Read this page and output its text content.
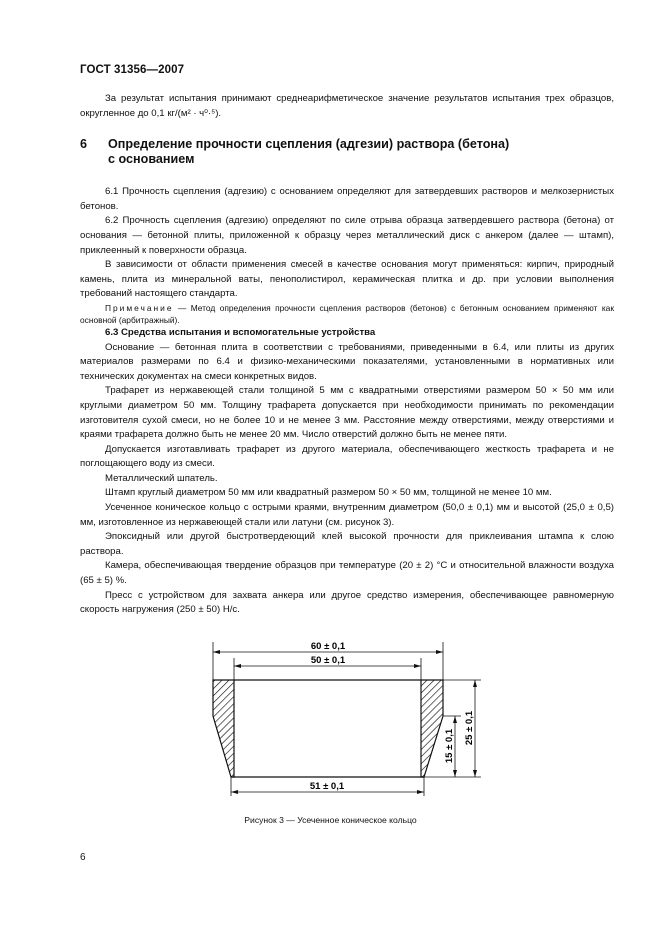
ГОСТ 31356—2007

За результат испытания принимают среднеарифметическое значение результатов испытания трех образцов, округленное до 0,1 кг/(м² · ч⁰·⁵).

6 Определение прочности сцепления (адгезии) раствора (бетона)
с основанием

6.1 Прочность сцепления (адгезию) с основанием определяют для затвердевших растворов и мелкозернистых бетонов.

6.2 Прочность сцепления (адгезию) определяют по силе отрыва образца затвердевшего раствора (бетона) от основания — бетонной плиты, приложенной к образцу через металлический диск с анкером (далее — штамп), приклеенный к поверхности образца.

В зависимости от области применения смесей в качестве основания могут применяться: кирпич, природный камень, плита из минеральной ваты, пенополистирол, керамическая плитка и др. при условии выполнения требований настоящего стандарта.

Примечание — Метод определения прочности сцепления растворов (бетонов) с бетонным основанием применяют как основной (арбитражный).

6.3 Средства испытания и вспомогательные устройства

Основание — бетонная плита в соответствии с требованиями, приведенными в 6.4, или плиты из других материалов размерами по 6.4 и физико-механическими показателями, установленными в нормативных или технических документах на смеси конкретных видов.

Трафарет из нержавеющей стали толщиной 5 мм с квадратными отверстиями размером 50 × 50 мм или круглыми диаметром 50 мм. Толщину трафарета допускается при необходимости принимать по рекомендации изготовителя сухой смеси, но не более 10 и не менее 3 мм. Расстояние между отверстиями, между отверстиями и краями трафарета должно быть не менее 20 мм. Число отверстий должно быть не менее пяти.

Допускается изготавливать трафарет из другого материала, обеспечивающего жесткость трафарета и не поглощающего воду из смеси.

Металлический шпатель.

Штамп круглый диаметром 50 мм или квадратный размером 50 × 50 мм, толщиной не менее 10 мм.

Усеченное коническое кольцо с острыми краями, внутренним диаметром (50,0 ± 0,1) мм и высотой (25,0 ± 0,5) мм, изготовленное из нержавеющей стали или латуни (см. рисунок 3).

Эпоксидный или другой быстротвердеющий клей высокой прочности для приклеивания штампа к слою раствора.

Камера, обеспечивающая твердение образцов при температуре (20 ± 2) °С и относительной влажности воздуха (65 ± 5) %.

Пресс с устройством для захвата анкера или другое средство измерения, обеспечивающее равномерную скорость нагружения (250 ± 50) Н/с.

60 ± 0,1
50 ± 0,1
51 ± 0,1
15 ± 0,1
25 ± 0,1
Рисунок 3 — Усеченное коническое кольцо
6
